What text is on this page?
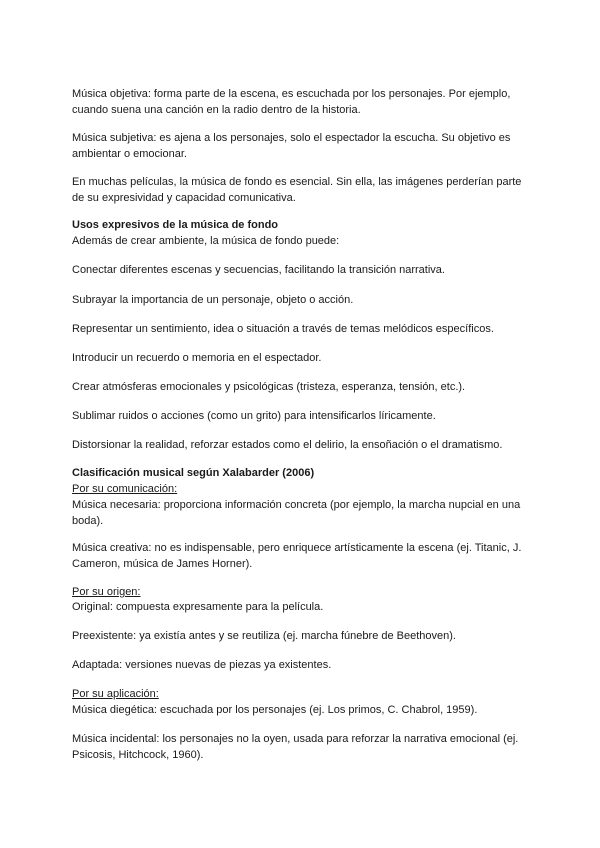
Música objetiva: forma parte de la escena, es escuchada por los personajes. Por ejemplo, cuando suena una canción en la radio dentro de la historia.

Música subjetiva: es ajena a los personajes, solo el espectador la escucha. Su objetivo es ambientar o emocionar.

En muchas películas, la música de fondo es esencial. Sin ella, las imágenes perderían parte de su expresividad y capacidad comunicativa.

Usos expresivos de la música de fondo

Además de crear ambiente, la música de fondo puede:

Conectar diferentes escenas y secuencias, facilitando la transición narrativa.

Subrayar la importancia de un personaje, objeto o acción.

Representar un sentimiento, idea o situación a través de temas melódicos específicos.

Introducir un recuerdo o memoria en el espectador.

Crear atmósferas emocionales y psicológicas (tristeza, esperanza, tensión, etc.).

Sublimar ruidos o acciones (como un grito) para intensificarlos líricamente.

Distorsionar la realidad, reforzar estados como el delirio, la ensoñación o el dramatismo.

Clasificación musical según Xalabarder (2006)

Por su comunicación:

Música necesaria: proporciona información concreta (por ejemplo, la marcha nupcial en una boda).

Música creativa: no es indispensable, pero enriquece artísticamente la escena (ej. Titanic, J. Cameron, música de James Horner).

Por su origen:

Original: compuesta expresamente para la película.

Preexistente: ya existía antes y se reutiliza (ej. marcha fúnebre de Beethoven).

Adaptada: versiones nuevas de piezas ya existentes.

Por su aplicación:

Música diegética: escuchada por los personajes (ej. Los primos, C. Chabrol, 1959).

Música incidental: los personajes no la oyen, usada para reforzar la narrativa emocional (ej. Psicosis, Hitchcock, 1960).
